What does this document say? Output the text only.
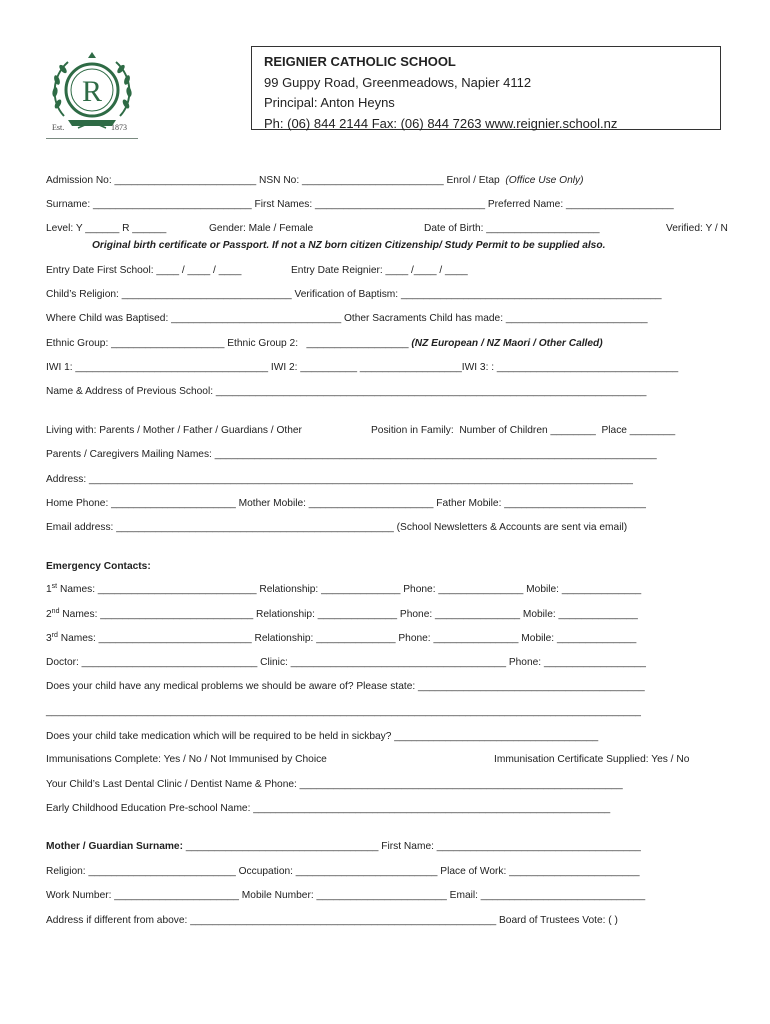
R
Est.	1873
REIGNIER CATHOLIC SCHOOL
99 Guppy Road, Greenmeadows, Napier 4112
Principal: Anton Heyns
Ph: (06) 844 2144 Fax: (06) 844 7263 www.reignier.school.nz
Admission No: _________________________ NSN No: _________________________ Enrol / Etap  (Office Use Only)
Surname: ____________________________ First Names: ______________________________ Preferred Name: ___________________
Level: Y ______ R ______	Gender: Male / Female	Date of Birth: ____________________	Verified: Y / N
Original birth certificate or Passport. If not a NZ born citizen Citizenship/ Study Permit to be supplied also.
Entry Date First School: ____ / ____ / ____	Entry Date Reignier: ____ /____ / ____
Child’s Religion: ______________________________ Verification of Baptism: ______________________________________________
Where Child was Baptised: ______________________________ Other Sacraments Child has made: _________________________
Ethnic Group: ____________________ Ethnic Group 2:   __________________ (NZ European / NZ Maori / Other Called)
IWI 1: __________________________________ IWI 2: __________ __________________IWI 3: : ________________________________
Name & Address of Previous School: ____________________________________________________________________________
Living with: Parents / Mother / Father / Guardians / Other	Position in Family:  Number of Children ________  Place ________
Parents / Caregivers Mailing Names: ______________________________________________________________________________
Address: ________________________________________________________________________________________________
Home Phone: ______________________ Mother Mobile: ______________________ Father Mobile: _________________________
Email address: _________________________________________________ (School Newsletters & Accounts are sent via email)
Emergency Contacts:
1st Names: ____________________________ Relationship: ______________ Phone: _______________ Mobile: ______________
2nd Names: ___________________________ Relationship: ______________ Phone: _______________ Mobile: ______________
3rd Names: ___________________________ Relationship: ______________ Phone: _______________ Mobile: ______________
Doctor: _______________________________ Clinic: ______________________________________ Phone: __________________
Does your child have any medical problems we should be aware of? Please state: ________________________________________
_________________________________________________________________________________________________________
Does your child take medication which will be required to be held in sickbay? ____________________________________
Immunisations Complete: Yes / No / Not Immunised by Choice	Immunisation Certificate Supplied: Yes / No
Your Child’s Last Dental Clinic / Dentist Name & Phone: _________________________________________________________
Early Childhood Education Pre-school Name: _______________________________________________________________
Mother / Guardian Surname: __________________________________ First Name: ____________________________________
Religion: __________________________ Occupation: _________________________ Place of Work: _______________________
Work Number: ______________________ Mobile Number: _______________________ Email: _____________________________
Address if different from above: ______________________________________________________ Board of Trustees Vote: ( )
